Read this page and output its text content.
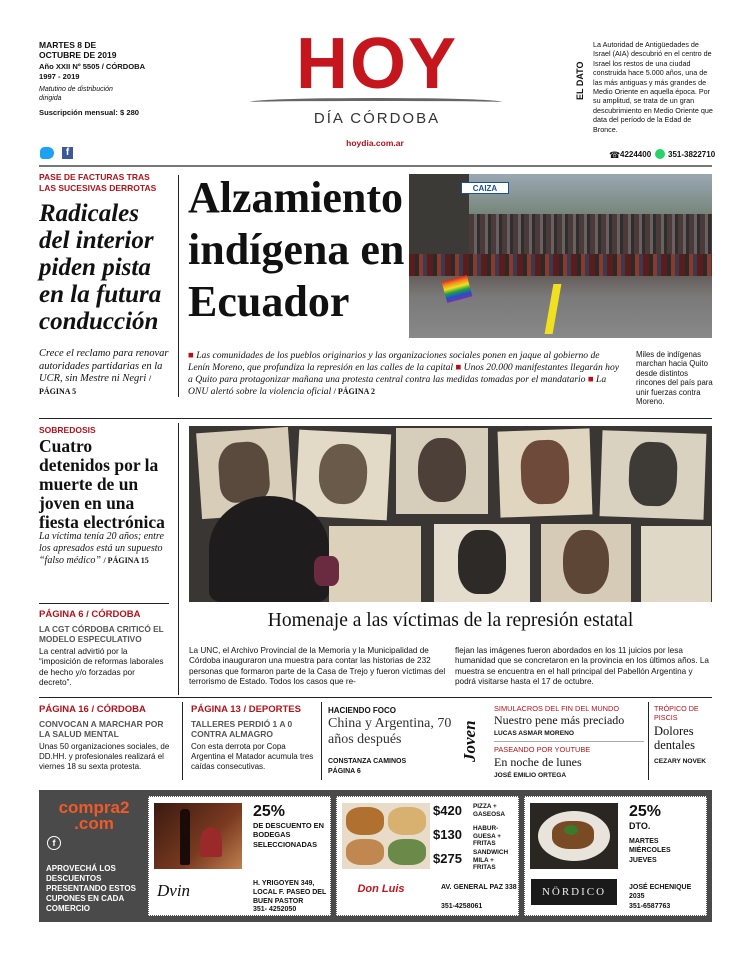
MARTES 8 DE OCTUBRE DE 2019
Año XXII Nº 5505 / CÓRDOBA
1997 - 2019
Matutino de distribución dirigida
Suscripción mensual: $ 280
HOY
DÍA CÓRDOBA
hoydia.com.ar
EL DATO
La Autoridad de Antigüedades de Israel (AIA) descubrió en el centro de Israel los restos de una ciudad construida hace 5.000 años, una de las más antiguas y más grandes de Medio Oriente en aquella época. Por su amplitud, se trata de un gran descubrimiento en Medio Oriente que data del período de la Edad de Bronce.
f	☎ 4224400 351-3822710
PASE DE FACTURAS TRAS LAS SUCESIVAS DERROTAS
Radicales del interior piden pista en la futura conducción
Crece el reclamo para renovar autoridades partidarias en la UCR, sin Mestre ni Negri / PÁGINA 5
Alzamiento indígena en Ecuador
CAIZA
■ Las comunidades de los pueblos originarios y las organizaciones sociales ponen en jaque al gobierno de Lenín Moreno, que profundiza la represión en las calles de la capital ■ Unos 20.000 manifestantes llegarán hoy a Quito para protagonizar mañana una protesta central contra las medidas tomadas por el mandatario ■ La ONU alertó sobre la violencia oficial / PÁGINA 2
Miles de indígenas marchan hacia Quito desde distintos rincones del país para unir fuerzas contra Moreno.
SOBREDOSIS
Cuatro detenidos por la muerte de un joven en una fiesta electrónica
La víctima tenía 20 años; entre los apresados está un supuesto “falso médico” / PÁGINA 15
PÁGINA 6 / CÓRDOBA
LA CGT CÓRDOBA CRITICÓ EL MODELO ESPECULATIVO
La central advirtió por la “imposición de reformas laborales de hecho y/o forzadas por decreto”.
Homenaje a las víctimas de la represión estatal
La UNC, el Archivo Provincial de la Memoria y la Municipalidad de Córdoba inauguraron una muestra para contar las historias de 232 personas que formaron parte de la Casa de Trejo y fueron víctimas del terrorismo de Estado. Todos los casos que re-
flejan las imágenes fueron abordados en los 11 juicios por lesa humanidad que se concretaron en la provincia en los últimos años. La muestra se encuentra en el hall principal del Pabellón Argentina y podrá visitarse hasta el 17 de octubre.
PÁGINA 16 / CÓRDOBA
CONVOCAN A MARCHAR POR LA SALUD MENTAL
Unas 50 organizaciones sociales, de DD.HH. y profesionales realizará el viernes 18 su sexta protesta.
PÁGINA 13 / DEPORTES
TALLERES PERDIÓ 1 A 0 CONTRA ALMAGRO
Con esta derrota por Copa Argentina el Matador acumula tres caídas consecutivas.
HACIENDO FOCO
China y Argentina, 70 años después
CONSTANZA CAMINOS
PÁGINA 6
Joven
SIMULACROS DEL FIN DEL MUNDO
Nuestro pene más preciado
LUCAS ASMAR MORENO
PASEANDO POR YOUTUBE
En noche de lunes
JOSÉ EMILIO ORTEGA
TRÓPICO DE PISCIS
Dolores dentales
CEZARY NOVEK
compra2
.com
f
APROVECHÁ LOS DESCUENTOS PRESENTANDO ESTOS CUPONES EN CADA COMERCIO
25%
DE DESCUENTO EN BODEGAS SELECCIONADAS
Dvin	H. YRIGOYEN 349, LOCAL F. PASEO DEL BUEN PASTOR
351- 4252050
$420 PIZZA + GASEOSA
$130 HABUR-GUESA + FRITAS
$275 SANDWICH MILA + FRITAS
Don Luis	AV. GENERAL PAZ 338
351-4258061
25%
DTO.
MARTES MIÉRCOLES JUEVES
NÖRDICO	JOSÉ ECHENIQUE 2035
351-6587763
